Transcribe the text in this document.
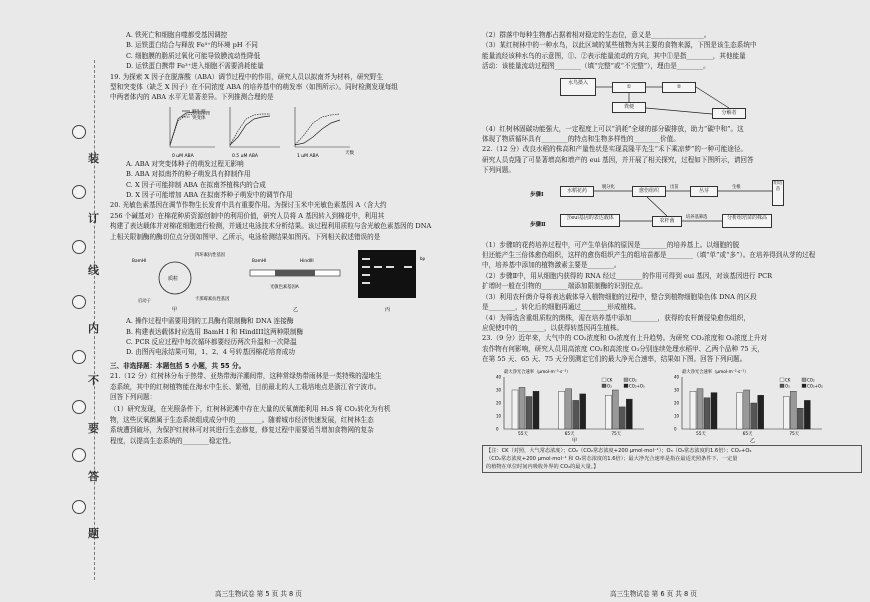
装
订
线
内
不
要
答
题
A. 铁死亡和细胞自噬都受基因调控
B. 运铁蛋白结合与释放 Fe³⁺的环境 pH 不同
C. 细胞膜的脂质过氧化可能导致膜流动性降低
D. 运铁蛋白携带 Fe³⁺进入细胞不需要消耗能量
19. 为探索 X 因子在脱落酸（ABA）调节过程中的作用，研究人员以拟南芥为材料，研究野生
型和突变体（缺乏 X 因子）在不同浓度 ABA 的培养基中的萌发率（如图所示）。同时检测发现每组
中两者体内的 ABA 水平无显著差异。下列推测合理的是
0 μM ABA	0.5 μM ABA	1 μM ABA
天数
野生型
突变体
A. ABA 对突变体种子的萌发过程无影响
B. ABA 对拟南芥的种子萌发具有抑制作用
C. X 因子可能抑制 ABA 在拟南芥植株内的合成
D. X 因子可能增加 ABA 在拟南芥种子萌发中的调节作用
20. 光敏色素基因在调节作物生长发育中具有重要作用。为探讨玉米中光敏色素基因 A（含大约
256 个碱基对）在棉花种质资源创制中的利用价值，研究人员将 A 基因转入到棉花中，利用其
构建了表达载体并对棉花细胞进行检测，并通过电泳技术分析结果。该过程利用质粒与含光敏色素基因的 DNA
上相关限制酶的酶切位点分别如图甲、乙所示，电泳检测结果如图丙。下列相关叙述错误的是
质粒
BamHI
四环素抗性基因
启动子	卡那霉素抗性基因
甲
BamHI	HindIII
光敏色素基因A
乙
bp
丙
A. 操作过程中需要用到的工具酶有限制酶和 DNA 连接酶
B. 构建表达载体时应选用 BamH I 和 HindIII这两种限制酶
C. PCR 反应过程中每次循环都要经历两次升温和一次降温
D. 由图丙电泳结果可知，1、2、4 号转基因棉花培育成功
三、非选择题：本题包括 5 小题，共 55 分。
21.（12 分）红树林分布于热带、亚热带海洋潮间带，这种常绿热带雨林是一类特殊的湿地生
态系统，其中的红树植物能在海水中生长、繁殖，目前最北的人工栽培地点是浙江省宁波市。
回答下列问题：
（1）研究发现，在光照条件下，红树林泥滩中存在大量的厌氧菌能利用 H₂S 将 CO₂转化为有机
物，这些厌氧菌属于生态系统组成成分中的________。随着城市经济快速发展，红树林生态
系统遭到破坏，为保护红树林可对其进行生态修复，修复过程中需要适当增加食物网的复杂
程度，以提高生态系统的________稳定性。
高三生物试卷 第 5 页 共 8 页
（2）群落中每种生物都占据着相对稳定的生态位，意义是________________。
（3）某红树林中的一种水鸟，以此区域的某些植物为其主要的食物来源，下图是该生态系统中
能量流经该种水鸟的示意图，①、②表示能量流动的方向，其中①是指________，其他能量
活动：该能量流动过程图________（填“完整”或“不完整”），理由是________。
水鸟摄入
①	②
粪便
分解者
（4）红树林固碳功能强大，一定程度上可以“消耗”全球的部分碳排放，助力“碳中和”。这
体现了物质循环具有________的特点和生物多样性的________价值。
22.（12 分）改良水稻的株高和产量性状是实现袁隆平先生“禾下乘凉梦”的一种可能途径。
研究人员克隆了可显著增高和增产的 eui 基因，并开展了相关探究，过程如下图所示，请回答
下列问题。
步骤Ⅰ
步骤Ⅱ
水稻花药	愈伤组织	丛芽
组培苗
含eui基因的表达载体	农杆菌	分析组培苗的株高
脱分化	出苗	生根
培养基筛选
（1）步骤Ⅰ的花药培养过程中，可产生单倍体的原因是________的培养基上。以细胞的脱
但还能产生三倍体愈伤组织，这样的愈伤组织产生的组培苗都是________（填“单”或“多”）。在培养得到从芽的过程
中，培养基中添加的植物激素主要是________。
（2）步骤Ⅱ中，用从细胞内获得的 RNA 经过________的作用可得到 eui 基因，对该基因进行 PCR
扩增时一般在引物的________端添加限制酶的识别位点。
（3）利用农杆菌介导将表达载体导入植物细胞的过程中，整合到植物细胞染色体 DNA 的区段
是________，转化后的细胞再通过________形成植株。
（4）为筛选含重组质粒的菌株，需在培养基中添加________，获得的农杆菌侵染愈伤组织，
应促使Ⅰ中的________，以获得转基因再生植株。
23.（9 分）近年来，大气中的 CO₂浓度和 O₃浓度有上升趋势。为研究 CO₂浓度和 O₃浓度上升对
农作物有何影响，研究人员用高浓度 CO₂和高浓度 O₃分别连续处理水稻甲、乙两个品种 75 天，
在第 55 天、65 天、75 天分别测定它们的最大净光合速率，结果如下图。回答下列问题。
最大净光合速率（μmol·m⁻²·s⁻¹）	最大净光合速率（μmol·m⁻²·s⁻¹）
甲	乙
0
10
20
30
40
55天	65天	75天
CK	CO₂
O₃	CO₂+O₃
0
10
20
30
40
55天	65天	75天
CK	CO₂
O₃	CO₂+O₃
【注：CK（对照，大气常态浓度）；CO₂（CO₂常态浓度+200 μmol·mol⁻¹）；O₃（O₃常态浓度的1.6倍）；CO₂+O₃
（CO₂常态浓度+200 μmol·mol⁻¹ 和 O₃常态浓度的1.6倍）；最大净光合速率是指在最适光照条件下，一定量
的植物在单位时间内吸收外界的 CO₂的最大量。】
高三生物试卷 第 6 页 共 8 页
